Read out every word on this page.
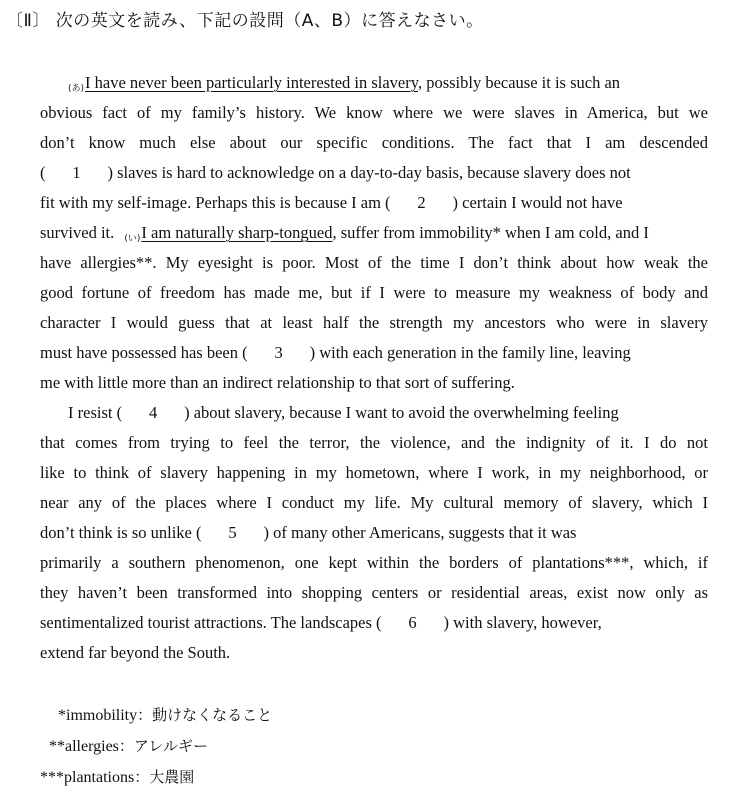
〔Ⅱ〕 次の英文を読み、下記の設問（A、B）に答えなさい。
(あ)I have never been particularly interested in slavery, possibly because it is such an
obvious fact of my family’s history. We know where we were slaves in America, but we
don’t know much else about our specific conditions. The fact that I am descended
( 1 ) slaves is hard to acknowledge on a day-to-day basis, because slavery does not
fit with my self-image. Perhaps this is because I am ( 2 ) certain I would not have
survived it. (い)I am naturally sharp-tongued, suffer from immobility* when I am cold, and I
have allergies**. My eyesight is poor. Most of the time I don’t think about how weak the
good fortune of freedom has made me, but if I were to measure my weakness of body and
character I would guess that at least half the strength my ancestors who were in slavery
must have possessed has been ( 3 ) with each generation in the family line, leaving
me with little more than an indirect relationship to that sort of suffering.
I resist ( 4 ) about slavery, because I want to avoid the overwhelming feeling
that comes from trying to feel the terror, the violence, and the indignity of it. I do not
like to think of slavery happening in my hometown, where I work, in my neighborhood, or
near any of the places where I conduct my life. My cultural memory of slavery, which I
don’t think is so unlike ( 5 ) of many other Americans, suggests that it was
primarily a southern phenomenon, one kept within the borders of plantations***, which, if
they haven’t been transformed into shopping centers or residential areas, exist now only as
sentimentalized tourist attractions. The landscapes ( 6 ) with slavery, however,
extend far beyond the South.
*immobility：動けなくなること
**allergies：アレルギー
***plantations：大農園
